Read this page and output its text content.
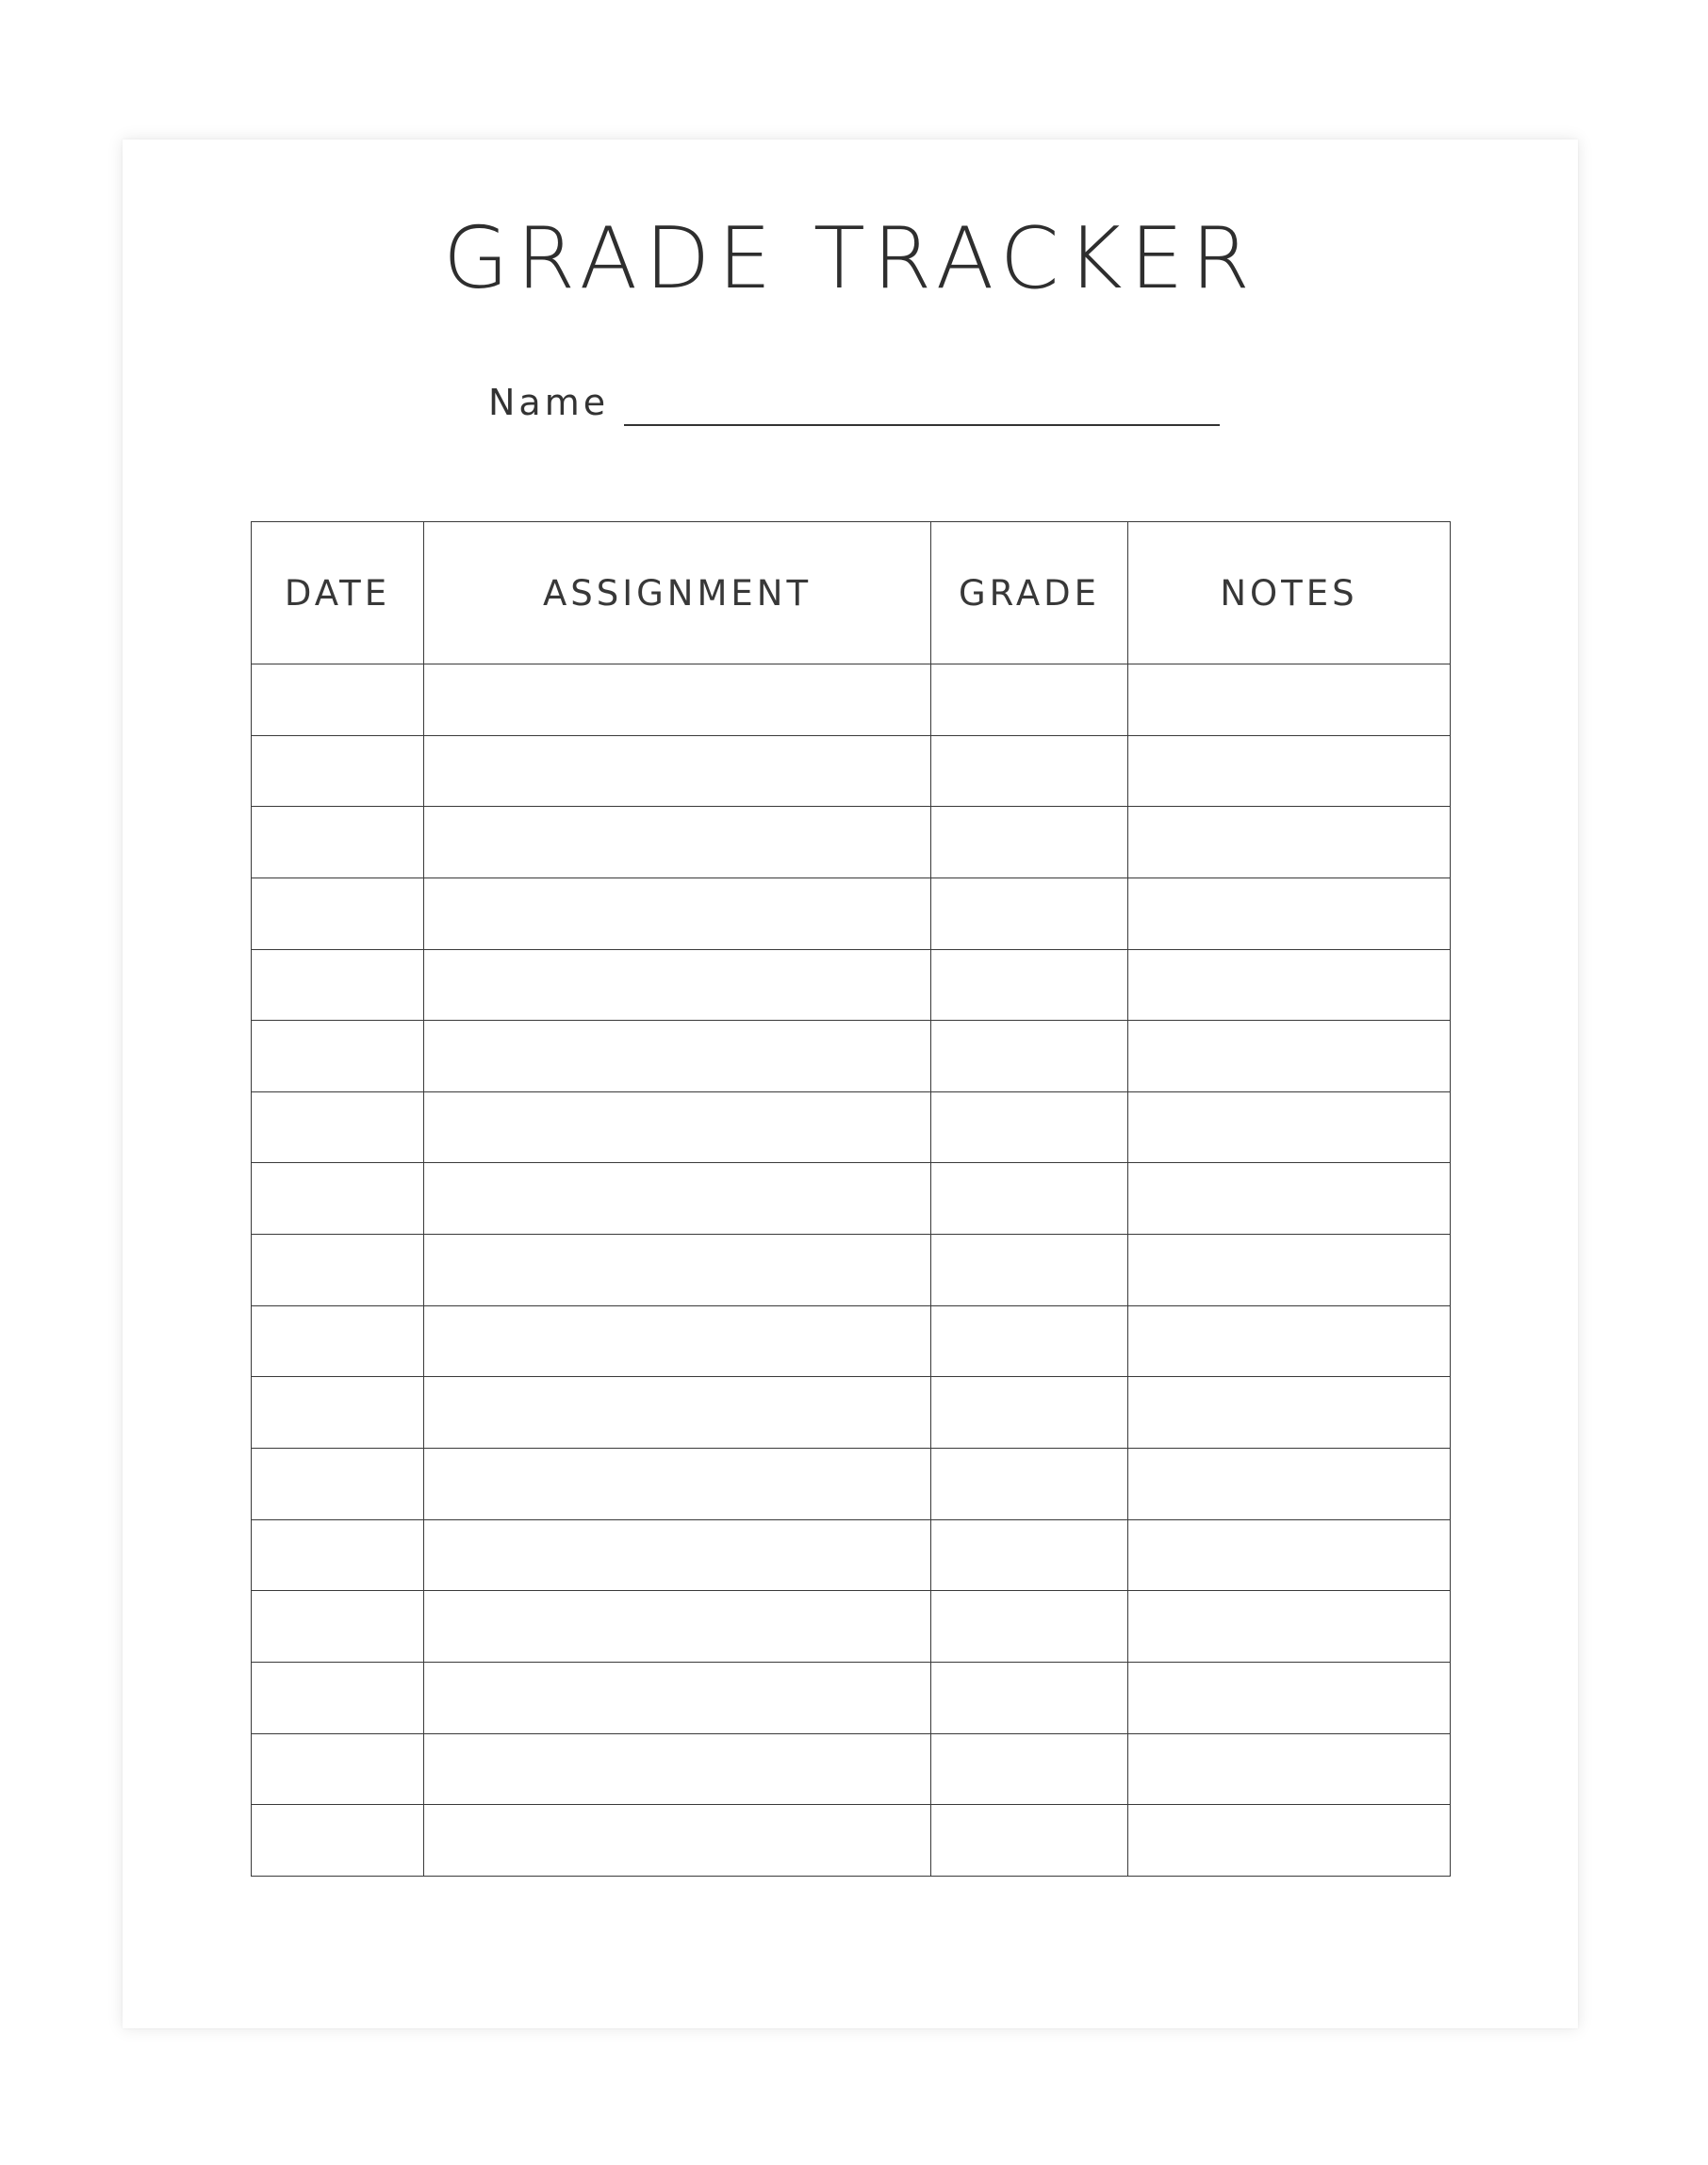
GRADE TRACKER
Name
DATE	ASSIGNMENT	GRADE	NOTES
